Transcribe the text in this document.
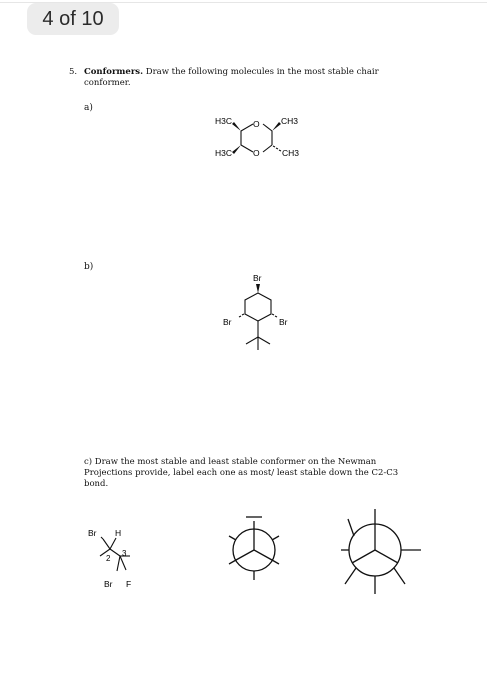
4 of 10
5. Conformers. Draw the following molecules in the most stable chair conformer.
a)
b)
c) Draw the most stable and least stable conformer on the Newman Projections provide, label each one as most/ least stable down the C2-C3 bond.
H3C O	CH3
H3C O	CH3
Br
Br	Br
Br H
2
3
Br F
